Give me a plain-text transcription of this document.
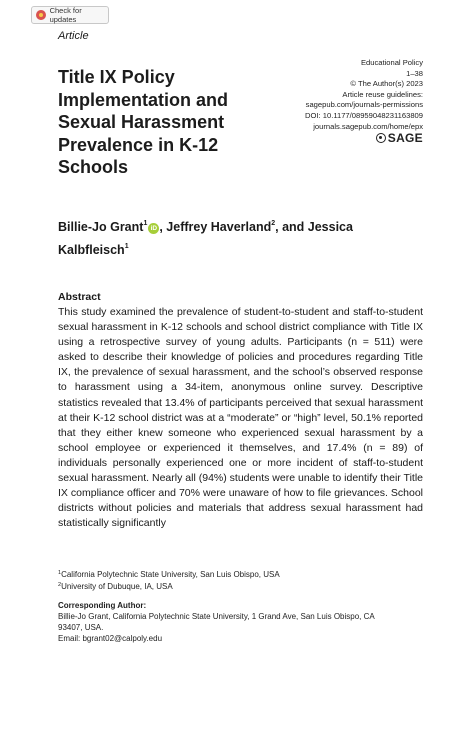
Check for updates
Article
Educational Policy
1–38
© The Author(s) 2023
Article reuse guidelines:
sagepub.com/journals-permissions
DOI: 10.1177/08959048231163809
journals.sagepub.com/home/epx
SAGE
Title IX Policy Implementation and Sexual Harassment Prevalence in K-12 Schools
Billie-Jo Grant$^1$iD , Jeffrey Haverland$^2$, and Jessica Kalbfleisch$^1$
Abstract

This study examined the prevalence of student-to-student and staff-to-student sexual harassment in K-12 schools and school district compliance with Title IX using a retrospective survey of young adults. Participants (n = 511) were asked to describe their knowledge of policies and procedures regarding Title IX, the prevalence of sexual harassment, and the school’s observed response to harassment using a 34-item, anonymous online survey. Descriptive statistics revealed that 13.4% of participants perceived that sexual harassment at their K-12 school district was at a “moderate” or “high” level, 50.1% reported that they either knew someone who experienced sexual harassment by a school employee or experienced it themselves, and 17.4% (n = 89) of individuals personally experienced one or more incident of staff-to-student sexual harassment. Nearly all (94%) students were unable to identify their Title IX compliance officer and 70% were unaware of how to file grievances. School districts without policies and materials that address sexual harassment had statistically significantly

$^1$California Polytechnic State University, San Luis Obispo, USA
$^2$University of Dubuque, IA, USA
Corresponding Author:
Billie-Jo Grant, California Polytechnic State University, 1 Grand Ave, San Luis Obispo, CA
93407, USA.
Email: bgrant02@calpoly.edu
